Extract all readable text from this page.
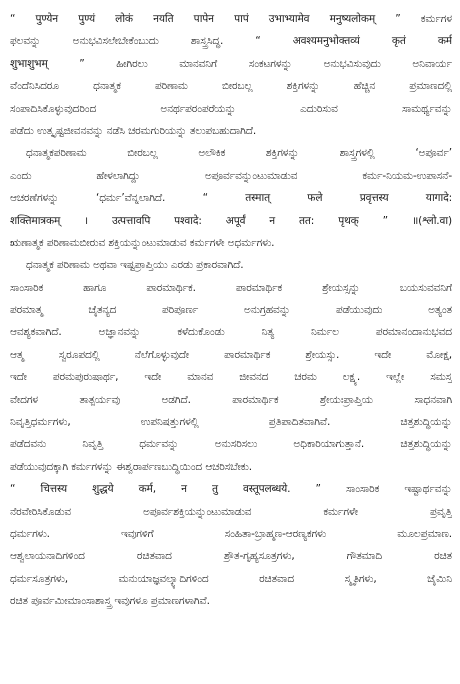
“ पुण्येन पुण्यं लोकं नयति पापेन पापं उभाभ्यामेव मनुष्यलोकम् ” ಕರ್ಮಗಳ
ಫಲವನ್ನು ಅನುಭವಿಸಲೇಬೇಕೆಂಬುದು ಶಾಸ್ತ್ರಸಿದ್ಧ. “ अवश्यमनुभोक्तव्यं कृतं कर्म
शुभाशुभम् ” ಹೀಗಿರಲು ಮಾನವನಿಗೆ ಸಂಕಟಗಳನ್ನು ಅನುಭವಿಸುವುದು ಅನಿವಾರ್ಯ
ವೆಂದೆನಿಸಿದರೂ ಧನಾತ್ಮಕ ಪರಿಣಾಮ ಬೀರಬಲ್ಲ ಶಕ್ತಿಗಳನ್ನು ಹೆಚ್ಚಿನ ಪ್ರಮಾಣದಲ್ಲಿ
ಸಂಪಾದಿಸಿಕೊಳ್ಳುವುದರಿಂದ ಅನರ್ಥಪರಂಪರೆಯನ್ನು ಎದುರಿಸುವ ಸಾಮರ್ಥ್ಯವನ್ನು
ಪಡೆದು ಉತ್ಕೃಷ್ಟಜೀವನವನ್ನು ನಡೆಸಿ ಚರಮಗುರಿಯನ್ನು ತಲುಪಬಹುದಾಗಿದೆ.
ಧನಾತ್ಮಕಪರಿಣಾಮ ಬೀರಬಲ್ಲ ಅಲೌಕಿಕ ಶಕ್ತಿಗಳನ್ನು ಶಾಸ್ತ್ರಗಳಲ್ಲಿ ‘ಅಪೂರ್ವ’
ಎಂದು ಹೇಳಲಾಗಿದ್ದು ಅಪೂರ್ವವನ್ನುಂಟುಮಾಡುವ ಕರ್ಮ-ನಿಯಮ-ಉಪಾಸನೆ-
ಆಚರಣೆಗಳನ್ನು ‘ಧರ್ಮ’ವೆನ್ನಲಾಗಿದೆ. “ तस्मात् फले प्रवृत्तस्य यागादे:
शक्तिमात्रकम् । उत्पत्तावपि पश्वादे: अपूर्वं न तत: पृथक् ” ॥(श्लो.वा)
ಋಣಾತ್ಮಕ ಪರಿಣಾಮಬೀರುವ ಶಕ್ತಿಯನ್ನುಂಟುಮಾಡುವ ಕರ್ಮಗಳೇ ಅಧರ್ಮಗಳು.
ಧನಾತ್ಮಕ ಪರಿಣಾಮ ಅಥವಾ ಇಷ್ಟಪ್ರಾಪ್ತಿಯು ಎರಡು ಪ್ರಕಾರವಾಗಿದೆ.
ಸಾಂಸಾರಿಕ ಹಾಗೂ ಪಾರಮಾರ್ಥಿಕ. ಪಾರಮಾರ್ಥಿಕ ಶ್ರೇಯಸ್ಸನ್ನು ಬಯಸುವವನಿಗೆ
ಪರಮಾತ್ಮ ಚೈತನ್ಯದ ಪರಿಪೂರ್ಣ ಅನುಗ್ರಹವನ್ನು ಪಡೆಯುವುದು ಅತ್ಯಂತ
ಆವಶ್ಯಕವಾಗಿದೆ. ಅಜ್ಞಾನವನ್ನು ಕಳೆದುಕೊಂಡು ನಿತ್ಯ ನಿರ್ಮಲ ಪರಮಾನಂದಾನುಭವದ
ಆತ್ಮ ಸ್ವರೂಪದಲ್ಲಿ ನೆಲೆಗೊಳ್ಳುವುದೇ ಪಾರಮಾರ್ಥಿಕ ಶ್ರೇಯಸ್ಸು. ಇದೇ ಮೋಕ್ಷ,
ಇದೇ ಪರಮಪುರುಷಾರ್ಥ, ಇದೇ ಮಾನವ ಜೀವನದ ಚರಮ ಲಕ್ಷ್ಯ. ಇಲ್ಲೇ ಸಮಸ್ತ
ವೇದಗಳ ತಾತ್ಪರ್ಯವು ಅಡಗಿದೆ. ಪಾರಮಾರ್ಥಿಕ ಶ್ರೇಯಃಪ್ರಾಪ್ತಿಯ ಸಾಧನವಾಗಿ
ನಿವೃತ್ತಿಧರ್ಮಗಳು, ಉಪನಿಷತ್ತುಗಳಲ್ಲಿ ಪ್ರತಿಪಾದಿತವಾಗಿವೆ. ಚಿತ್ತಶುದ್ಧಿಯನ್ನು
ಪಡೆದವನು ನಿವೃತ್ತಿ ಧರ್ಮವನ್ನು ಅನುಸರಿಸಲು ಅಧಿಕಾರಿಯಾಗುತ್ತಾನೆ. ಚಿತ್ತಶುದ್ಧಿಯನ್ನು
ಪಡೆಯುವುದಕ್ಕಾಗಿ ಕರ್ಮಗಳನ್ನು ಈಶ್ವರಾರ್ಪಣಬುದ್ಧಿಯಿಂದ ಆಚರಿಸಬೇಕು.
“ चित्तस्य शुद्धये कर्म, न तु वस्तूपलब्धये. ” ಸಾಂಸಾರಿಕ ಇಷ್ಟಾರ್ಥವನ್ನು
ನೆರವೇರಿಸಿಕೊಡುವ ಅಪೂರ್ವಶಕ್ತಿಯನ್ನುಂಟುಮಾಡುವ ಕರ್ಮಗಳೇ ಪ್ರವೃತ್ತಿ
ಧರ್ಮಗಳು. ಇವುಗಳಿಗೆ ಸಂಹಿತಾ-ಬ್ರಾಹ್ಮಣ-ಆರಣ್ಯಕಗಳು ಮೂಲಪ್ರಮಾಣ.
ಆಶ್ವಲಾಯನಾದಿಗಳಿಂದ ರಚಿತವಾದ ಶ್ರೌತ-ಗೃಹ್ಯಸೂತ್ರಗಳು, ಗೌತಮಾದಿ ರಚಿತ
ಧರ್ಮಸೂತ್ರಗಳು, ಮನುಯಾಜ್ಞವಲ್ಕ್ಯಾದಿಗಳಿಂದ ರಚಿತವಾದ ಸ್ಮೃತಿಗಳು, ಜೈಮಿನಿ
ರಚಿತ ಪೂರ್ವಮೀಮಾಂಸಾಶಾಸ್ತ್ರ ಇವುಗಳೂ ಪ್ರಮಾಣಗಳಾಗಿವೆ.
